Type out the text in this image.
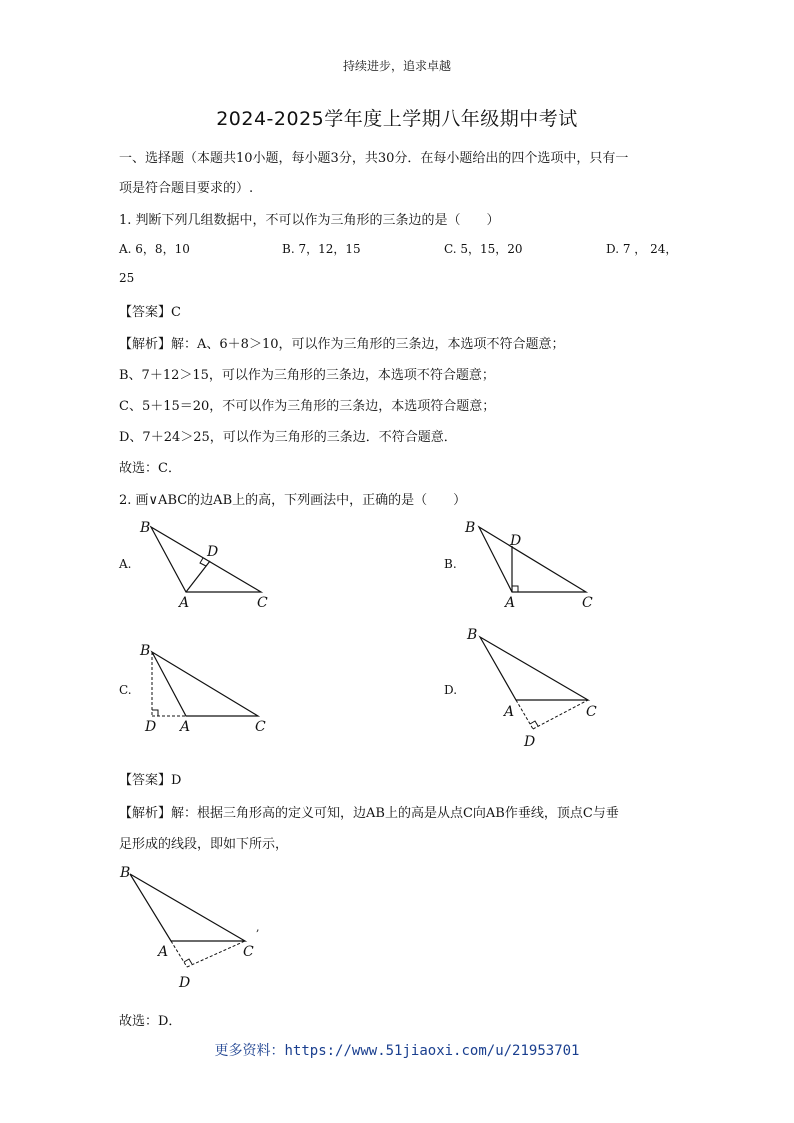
持续进步，追求卓越
2024-2025学年度上学期八年级期中考试
一、选择题（本题共10小题，每小题3分，共30分．在每小题给出的四个选项中，只有一
项是符合题目要求的）.
1. 判断下列几组数据中，不可以作为三角形的三条边的是（　　）
A. 6，8，10	B. 7，12，15	C. 5，15，20	D. 7 ， 24，
25
【答案】C
【解析】解：A、6＋8＞10，可以作为三角形的三条边，本选项不符合题意；
B、7＋12＞15，可以作为三角形的三条边，本选项不符合题意；
C、5＋15＝20，不可以作为三角形的三条边，本选项符合题意；
D、7＋24＞25，可以作为三角形的三条边．不符合题意．
故选：C．
2. 画∨ABC的边AB上的高，下列画法中，正确的是（　　）
A.	B.
C.	D.
B
D
A	C
B
D
A	C
B
D A	C
B
A	C
D
【答案】D
【解析】解：根据三角形高的定义可知，边AB上的高是从点C向AB作垂线，顶点C与垂
足形成的线段，即如下所示，
B
A	C
D
,
故选：D．
更多资料：https://www.51jiaoxi.com/u/21953701
